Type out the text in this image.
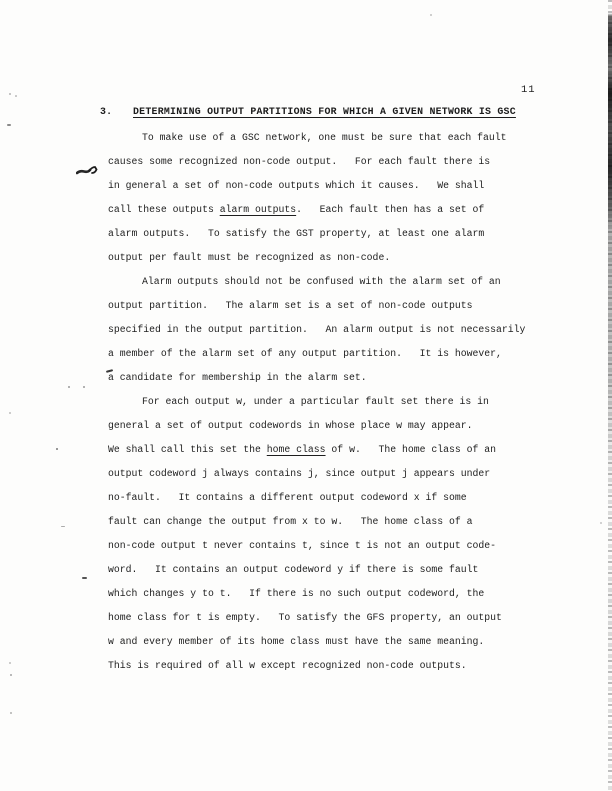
11
3. DETERMINING OUTPUT PARTITIONS FOR WHICH A GIVEN NETWORK IS GSC
To make use of a GSC network, one must be sure that each fault
causes some recognized non-code output.   For each fault there is
in general a set of non-code outputs which it causes.   We shall
call these outputs alarm outputs.   Each fault then has a set of
alarm outputs.   To satisfy the GST property, at least one alarm
output per fault must be recognized as non-code.
Alarm outputs should not be confused with the alarm set of an
output partition.   The alarm set is a set of non-code outputs
specified in the output partition.   An alarm output is not necessarily
a member of the alarm set of any output partition.   It is however,
a candidate for membership in the alarm set.
For each output w, under a particular fault set there is in
general a set of output codewords in whose place w may appear.
We shall call this set the home class of w.   The home class of an
output codeword j always contains j, since output j appears under
no-fault.   It contains a different output codeword x if some
fault can change the output from x to w.   The home class of a
non-code output t never contains t, since t is not an output code-
word.   It contains an output codeword y if there is some fault
which changes y to t.   If there is no such output codeword, the
home class for t is empty.   To satisfy the GFS property, an output
w and every member of its home class must have the same meaning.
This is required of all w except recognized non-code outputs.
